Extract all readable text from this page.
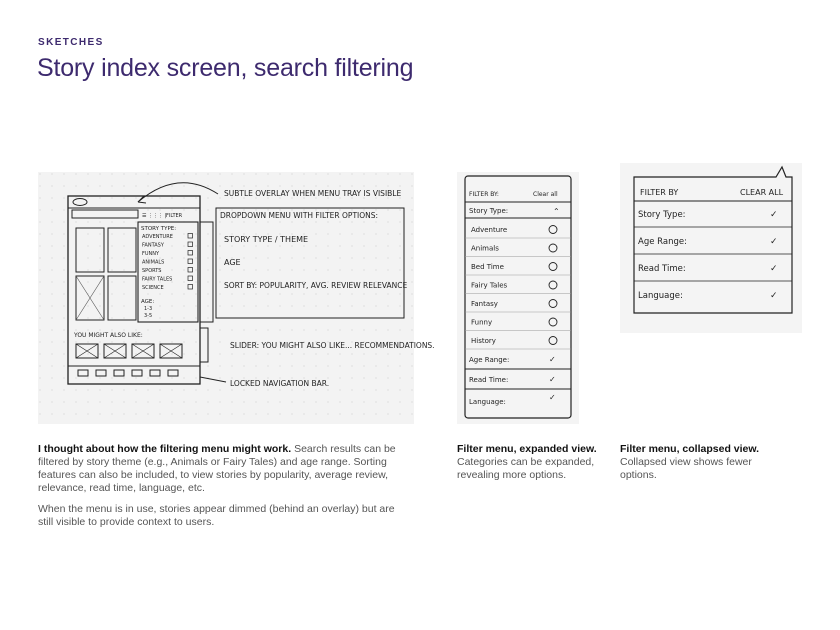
SKETCHES
Story index screen, search filtering
☰ ⋮⋮⋮ | FILTER
STORY TYPE:
ADVENTURE
FANTASY
FUNNY
ANIMALS
SPORTS
FAIRY TALES
SCIENCE
AGE:
1-3
3-5
YOU MIGHT ALSO LIKE:
SUBTLE OVERLAY WHEN MENU TRAY IS VISIBLE
DROPDOWN MENU WITH FILTER OPTIONS:
STORY TYPE / THEME
AGE
SORT BY: POPULARITY, AVG. REVIEW RELEVANCE
SLIDER: YOU MIGHT ALSO LIKE... RECOMMENDATIONS.
LOCKED NAVIGATION BAR.
FILTER BY:	Clear all
Story Type:	⌃
Adventure
Animals
Bed Time
Fairy Tales
Fantasy
Funny
History
Age Range:	✓
Read Time:	✓
Language:	✓
FILTER BY	CLEAR ALL
Story Type:	✓
Age Range:	✓
Read Time:	✓
Language:	✓

I thought about how the filtering menu might work. Search results can be filtered by story theme (e.g., Animals or Fairy Tales) and age range. Sorting features can also be included, to view stories by popularity, average review, relevance, read time, language, etc.

When the menu is in use, stories appear dimmed (behind an overlay) but are still visible to provide context to users.

Filter menu, expanded view.
Categories can be expanded, revealing more options.
Filter menu, collapsed view.
Collapsed view shows fewer options.
